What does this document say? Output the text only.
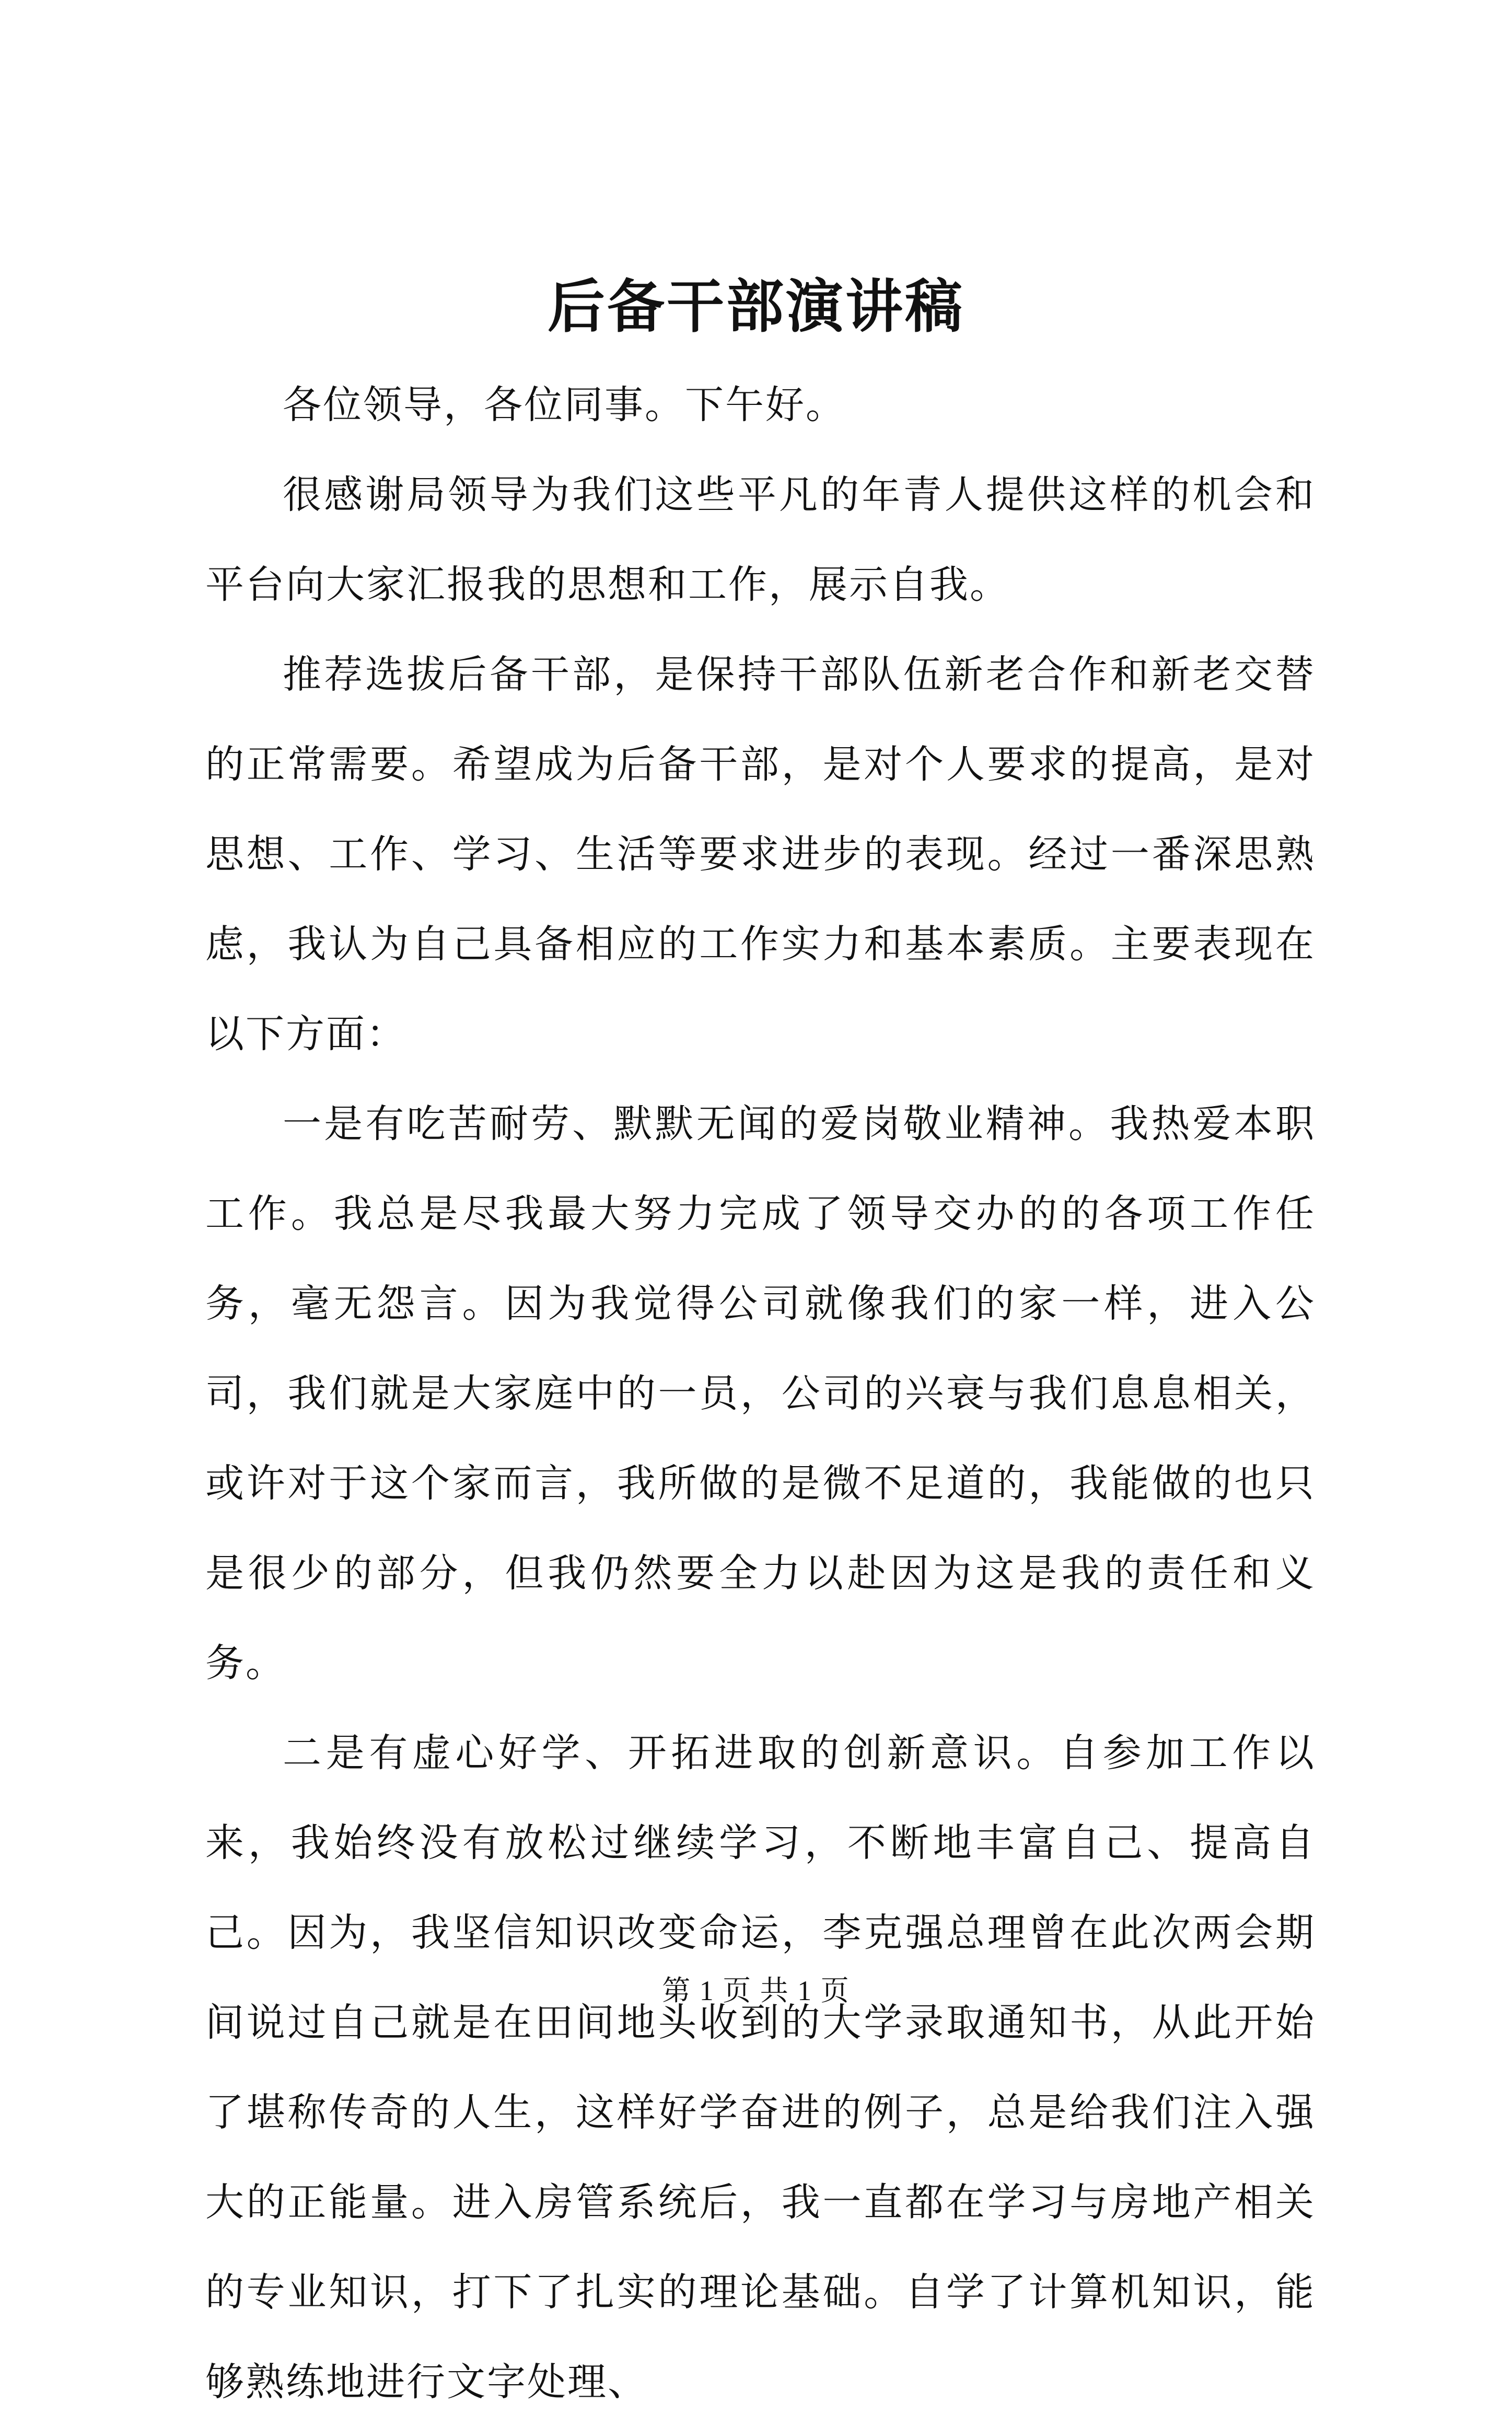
后备干部演讲稿

各位领导，各位同事。下午好。

很感谢局领导为我们这些平凡的年青人提供这样的机会和平台向大家汇报我的思想和工作，展示自我。

推荐选拔后备干部，是保持干部队伍新老合作和新老交替的正常需要。希望成为后备干部，是对个人要求的提高，是对思想、工作、学习、生活等要求进步的表现。经过一番深思熟虑，我认为自己具备相应的工作实力和基本素质。主要表现在以下方面：

一是有吃苦耐劳、默默无闻的爱岗敬业精神。我热爱本职工作。我总是尽我最大努力完成了领导交办的的各项工作任务，毫无怨言。因为我觉得公司就像我们的家一样，进入公司，我们就是大家庭中的一员，公司的兴衰与我们息息相关，或许对于这个家而言，我所做的是微不足道的，我能做的也只是很少的部分，但我仍然要全力以赴因为这是我的责任和义务。

二是有虚心好学、开拓进取的创新意识。自参加工作以来，我始终没有放松过继续学习，不断地丰富自己、提高自己。因为，我坚信知识改变命运，李克强总理曾在此次两会期间说过自己就是在田间地头收到的大学录取通知书，从此开始了堪称传奇的人生，这样好学奋进的例子，总是给我们注入强大的正能量。进入房管系统后，我一直都在学习与房地产相关的专业知识，打下了扎实的理论基础。自学了计算机知识，能够熟练地进行文字处理、

第 1 页 共 1 页
